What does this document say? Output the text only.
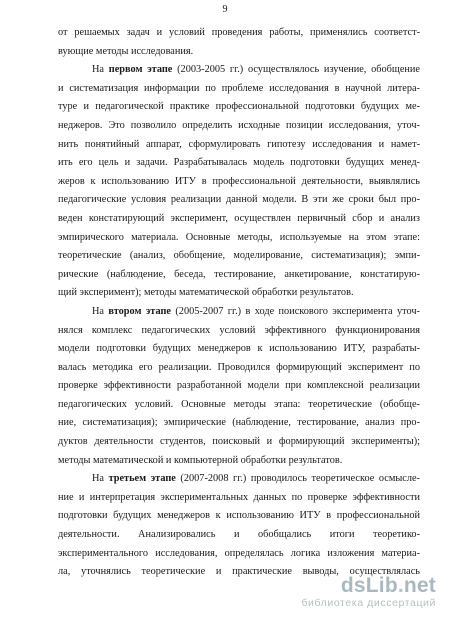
9
от решаемых задач и условий проведения работы, применялись соответст-
вующие методы исследования.
На первом этапе (2003-2005 гг.) осуществлялось изучение, обобщение
и систематизация информации по проблеме исследования в научной литера-
туре и педагогической практике профессиональной подготовки будущих ме-
неджеров. Это позволило определить исходные позиции исследования, уточ-
нить понятийный аппарат, сформулировать гипотезу исследования и намет-
ить его цель и задачи. Разрабатывалась модель подготовки будущих менед-
жеров к использованию ИТУ в профессиональной деятельности, выявлялись
педагогические условия реализации данной модели. В эти же сроки был про-
веден констатирующий эксперимент, осуществлен первичный сбор и анализ
эмпирического материала. Основные методы, используемые на этом этапе:
теоретические (анализ, обобщение, моделирование, систематизация); эмпи-
рические (наблюдение, беседа, тестирование, анкетирование, констатирую-
щий эксперимент); методы математической обработки результатов.
На втором этапе (2005-2007 гг.) в ходе поискового эксперимента уточ-
нялся комплекс педагогических условий эффективного функционирования
модели подготовки будущих менеджеров к использованию ИТУ, разрабаты-
валась методика его реализации. Проводился формирующий эксперимент по
проверке эффективности разработанной модели при комплексной реализации
педагогических условий. Основные методы этапа: теоретические (обобще-
ние, систематизация); эмпирические (наблюдение, тестирование, анализ про-
дуктов деятельности студентов, поисковый и формирующий эксперименты);
методы математической и компьютерной обработки результатов.
На третьем этапе (2007-2008 гг.) проводилось теоретическое осмысле-
ние и интерпретация экспериментальных данных по проверке эффективности
подготовки будущих менеджеров к использованию ИТУ в профессиональной
деятельности. Анализировались и обобщались итоги теоретико-
экспериментального исследования, определялась логика изложения материа-
ла, уточнялись теоретические и практические выводы, осуществлялась
dsLib.net
библиотека диссертаций
